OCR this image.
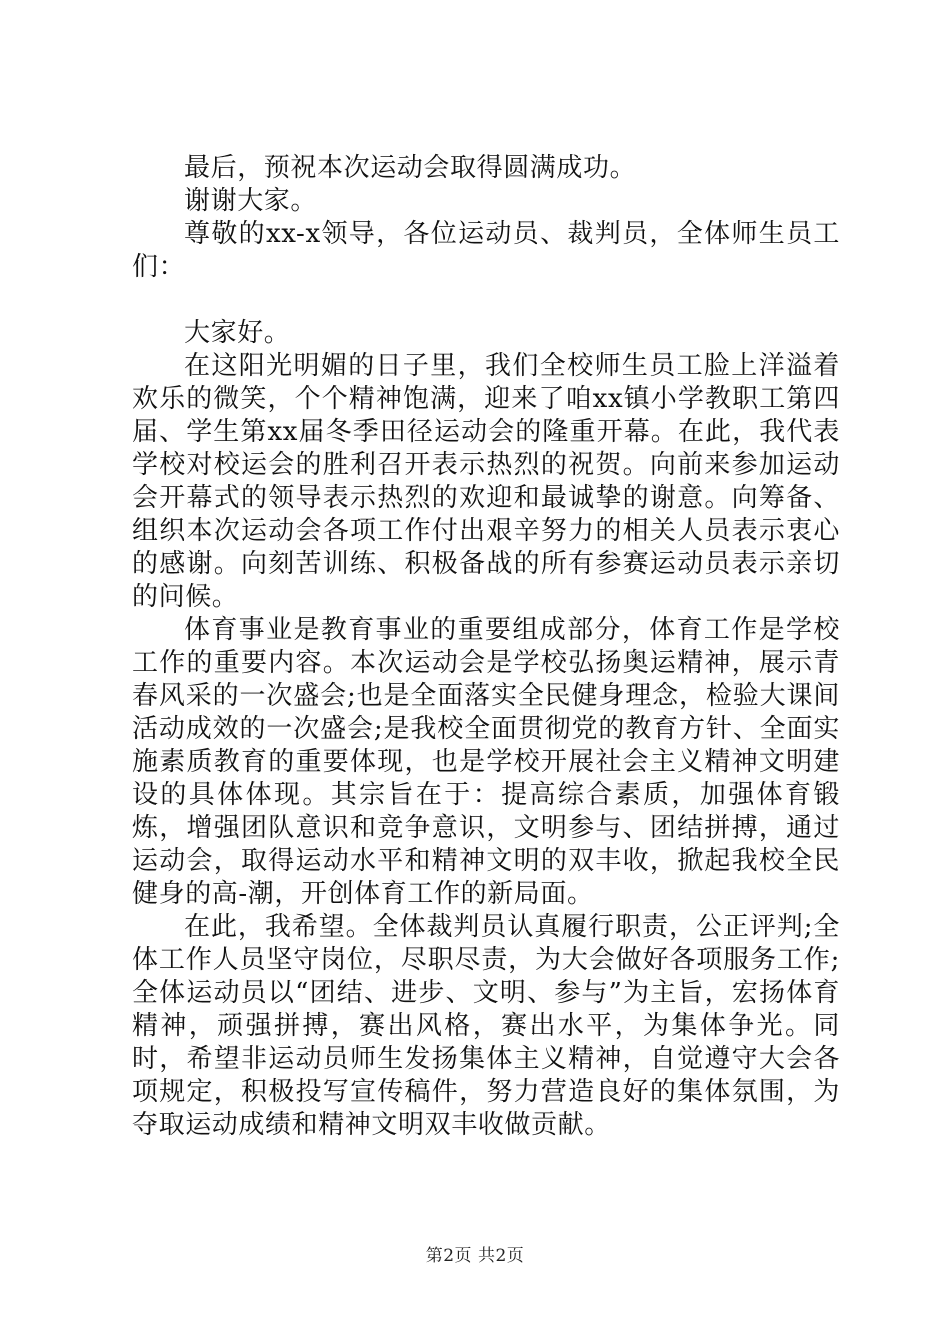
最后，预祝本次运动会取得圆满成功。

谢谢大家。

尊敬的xx-x领导，各位运动员、裁判员，全体师生员工们：

大家好。

在这阳光明媚的日子里，我们全校师生员工脸上洋溢着欢乐的微笑，个个精神饱满，迎来了咱xx镇小学教职工第四届、学生第xx届冬季田径运动会的隆重开幕。在此，我代表学校对校运会的胜利召开表示热烈的祝贺。向前来参加运动会开幕式的领导表示热烈的欢迎和最诚挚的谢意。向筹备、组织本次运动会各项工作付出艰辛努力的相关人员表示衷心的感谢。向刻苦训练、积极备战的所有参赛运动员表示亲切的问候。

体育事业是教育事业的重要组成部分，体育工作是学校工作的重要内容。本次运动会是学校弘扬奥运精神，展示青春风采的一次盛会;也是全面落实全民健身理念，检验大课间活动成效的一次盛会;是我校全面贯彻党的教育方针、全面实施素质教育的重要体现，也是学校开展社会主义精神文明建设的具体体现。其宗旨在于：提高综合素质，加强体育锻炼，增强团队意识和竞争意识，文明参与、团结拼搏，通过运动会，取得运动水平和精神文明的双丰收，掀起我校全民健身的高-潮，开创体育工作的新局面。

在此，我希望。全体裁判员认真履行职责，公正评判;全体工作人员坚守岗位，尽职尽责，为大会做好各项服务工作;全体运动员以“团结、进步、文明、参与”为主旨，宏扬体育精神，顽强拼搏，赛出风格，赛出水平，为集体争光。同时，希望非运动员师生发扬集体主义精神，自觉遵守大会各项规定，积极投写宣传稿件，努力营造良好的集体氛围，为夺取运动成绩和精神文明双丰收做贡献。

第2页 共2页
